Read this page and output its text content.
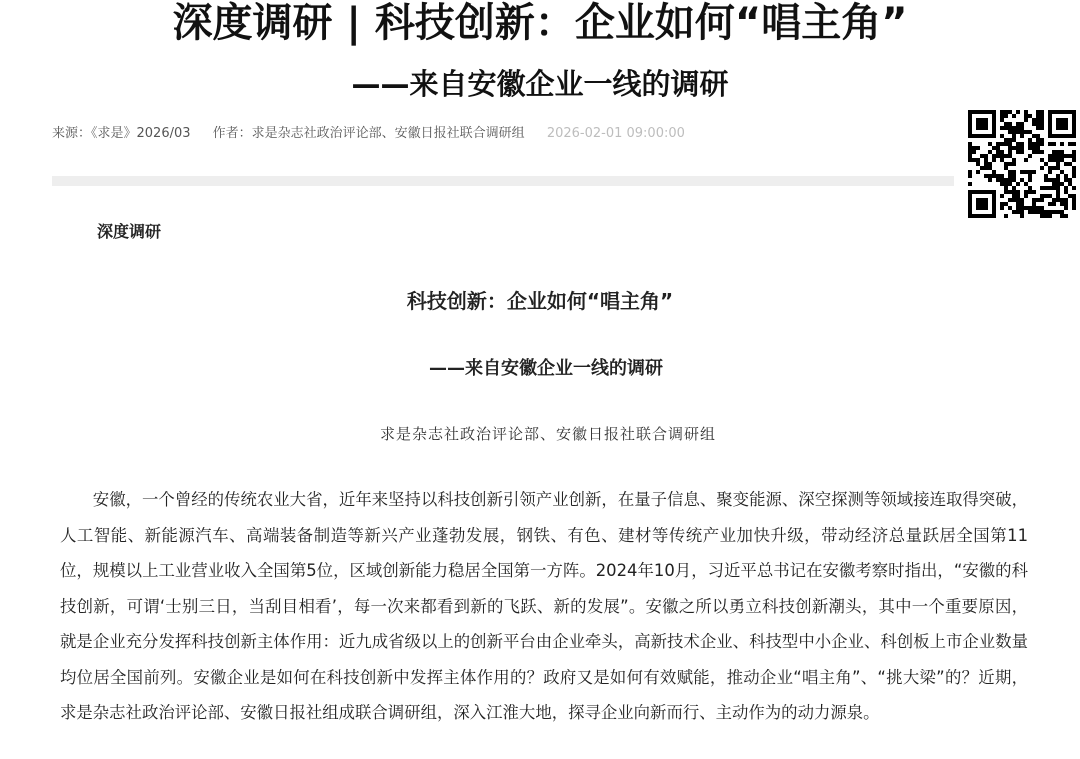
深度调研 | 科技创新：企业如何“唱主角”
——来自安徽企业一线的调研
来源：《求是》2026/03 作者：求是杂志社政治评论部、安徽日报社联合调研组 2026-02-01 09:00:00
深度调研
科技创新：企业如何“唱主角”
——来自安徽企业一线的调研
求是杂志社政治评论部、安徽日报社联合调研组

安徽，一个曾经的传统农业大省，近年来坚持以科技创新引领产业创新，在量子信息、聚变能源、深空探测等领域接连取得突破，人工智能、新能源汽车、高端装备制造等新兴产业蓬勃发展，钢铁、有色、建材等传统产业加快升级，带动经济总量跃居全国第11位，规模以上工业营业收入全国第5位，区域创新能力稳居全国第一方阵。2024年10月，习近平总书记在安徽考察时指出，“安徽的科技创新，可谓‘士别三日，当刮目相看’，每一次来都看到新的飞跃、新的发展”。安徽之所以勇立科技创新潮头，其中一个重要原因，就是企业充分发挥科技创新主体作用：近九成省级以上的创新平台由企业牵头，高新技术企业、科技型中小企业、科创板上市企业数量均位居全国前列。安徽企业是如何在科技创新中发挥主体作用的？政府又是如何有效赋能，推动企业“唱主角”、“挑大梁”的？近期，求是杂志社政治评论部、安徽日报社组成联合调研组，深入江淮大地，探寻企业向新而行、主动作为的动力源泉。
